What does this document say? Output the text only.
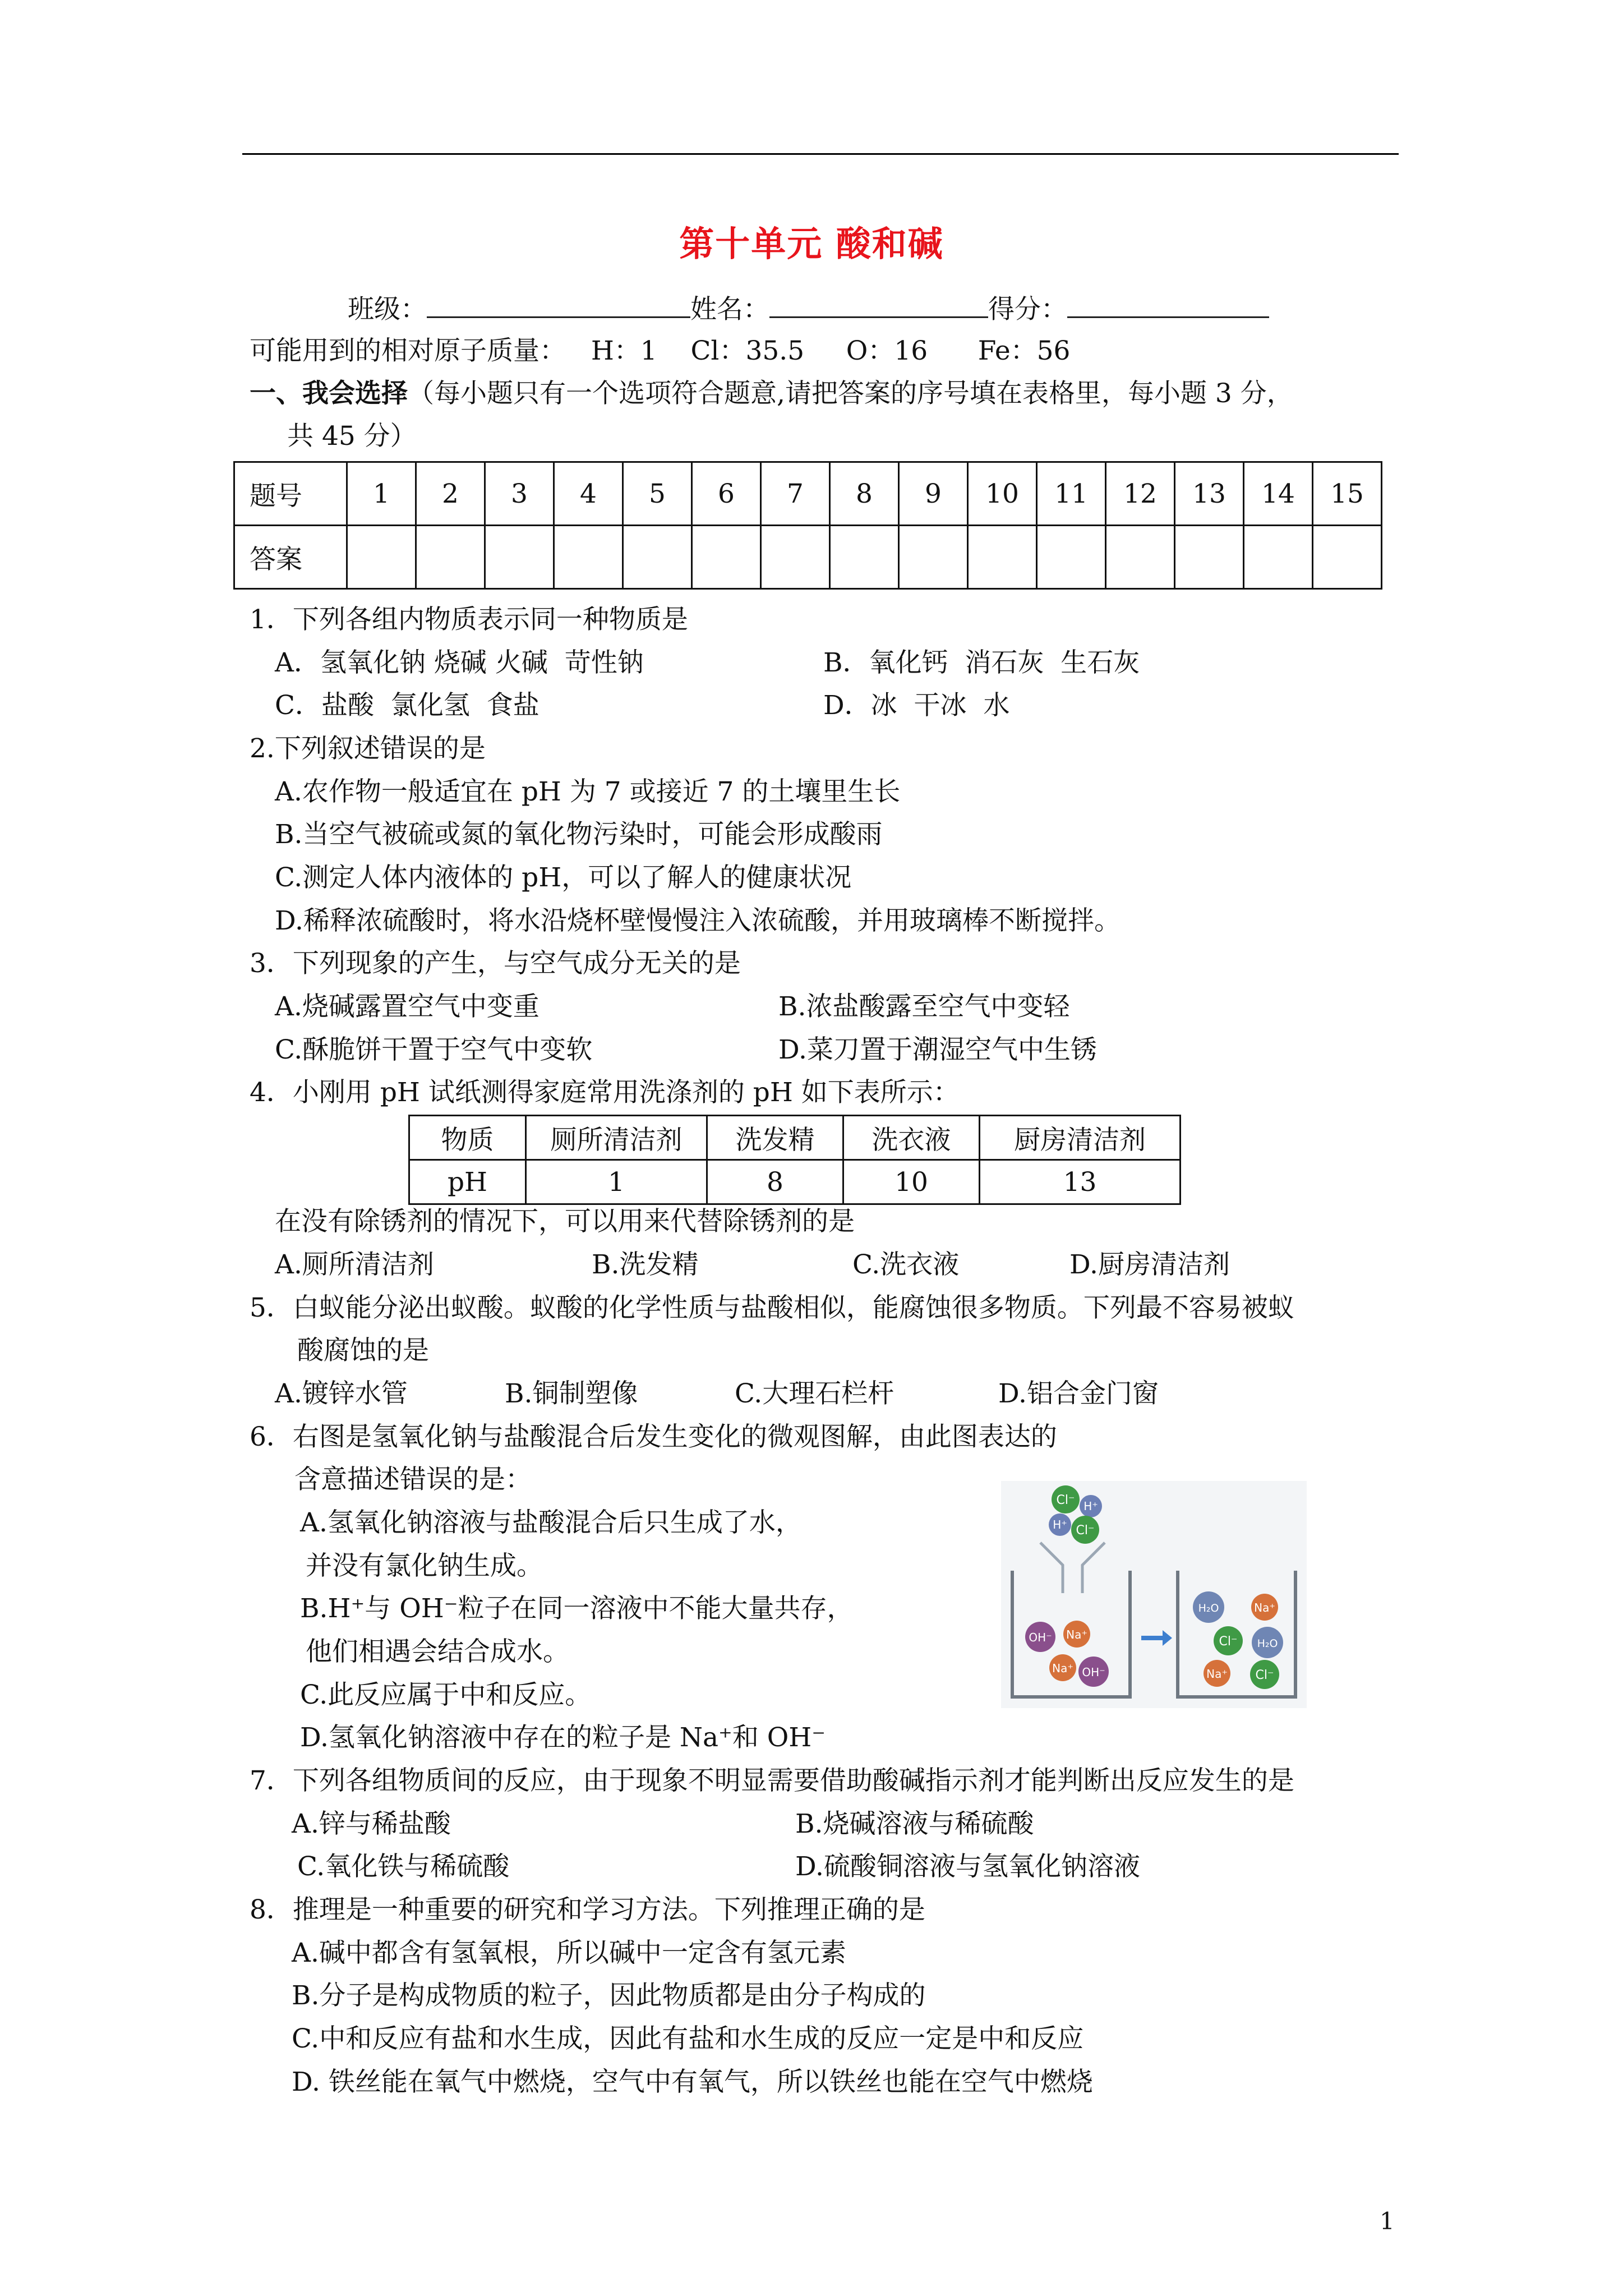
第十单元 酸和碱
班级：	姓名：	得分：
可能用到的相对原子质量：   H：1    Cl：35.5     O：16      Fe：56
一、我会选择（每小题只有一个选项符合题意,请把答案的序号填在表格里，每小题 3 分，
共 45 分）
题号	1	2	3	4	5	6	7	8	9	10	11	12	13	14	15
答案															
1．下列各组内物质表示同一种物质是
A．氢氧化钠 烧碱 火碱  苛性钠	B．氧化钙  消石灰  生石灰
C．盐酸  氯化氢  食盐	D．冰  干冰  水
2.下列叙述错误的是
A.农作物一般适宜在 pH 为 7 或接近 7 的土壤里生长
B.当空气被硫或氮的氧化物污染时，可能会形成酸雨
C.测定人体内液体的 pH，可以了解人的健康状况
D.稀释浓硫酸时，将水沿烧杯壁慢慢注入浓硫酸，并用玻璃棒不断搅拌。
3．下列现象的产生，与空气成分无关的是
A.烧碱露置空气中变重	B.浓盐酸露至空气中变轻
C.酥脆饼干置于空气中变软	D.菜刀置于潮湿空气中生锈
4．小刚用 pH 试纸测得家庭常用洗涤剂的 pH 如下表所示：
物质	厕所清洁剂	洗发精	洗衣液	厨房清洁剂
pH	1	8	10	13
在没有除锈剂的情况下，可以用来代替除锈剂的是
A.厕所清洁剂	B.洗发精	C.洗衣液	D.厨房清洁剂
5．白蚁能分泌出蚁酸。蚁酸的化学性质与盐酸相似，能腐蚀很多物质。下列最不容易被蚁
酸腐蚀的是
A.镀锌水管	B.铜制塑像	C.大理石栏杆	D.铝合金门窗
6．右图是氢氧化钠与盐酸混合后发生变化的微观图解，由此图表达的
含意描述错误的是：
A.氢氧化钠溶液与盐酸混合后只生成了水，
并没有氯化钠生成。
B.H⁺与 OH⁻粒子在同一溶液中不能大量共存，
他们相遇会结合成水。
C.此反应属于中和反应。
D.氢氧化钠溶液中存在的粒子是 Na⁺和 OH⁻
Cl⁻ H⁺
H⁺ Cl⁻
OH⁻ Na⁺
Na⁺ OH⁻
H₂O	Na⁺
Cl⁻ H₂O
Na⁺ Cl⁻
7．下列各组物质间的反应，由于现象不明显需要借助酸碱指示剂才能判断出反应发生的是
A.锌与稀盐酸	B.烧碱溶液与稀硫酸
C.氧化铁与稀硫酸	D.硫酸铜溶液与氢氧化钠溶液
8．推理是一种重要的研究和学习方法。下列推理正确的是
A.碱中都含有氢氧根，所以碱中一定含有氢元素
B.分子是构成物质的粒子，因此物质都是由分子构成的
C.中和反应有盐和水生成，因此有盐和水生成的反应一定是中和反应
D. 铁丝能在氧气中燃烧，空气中有氧气，所以铁丝也能在空气中燃烧
1
